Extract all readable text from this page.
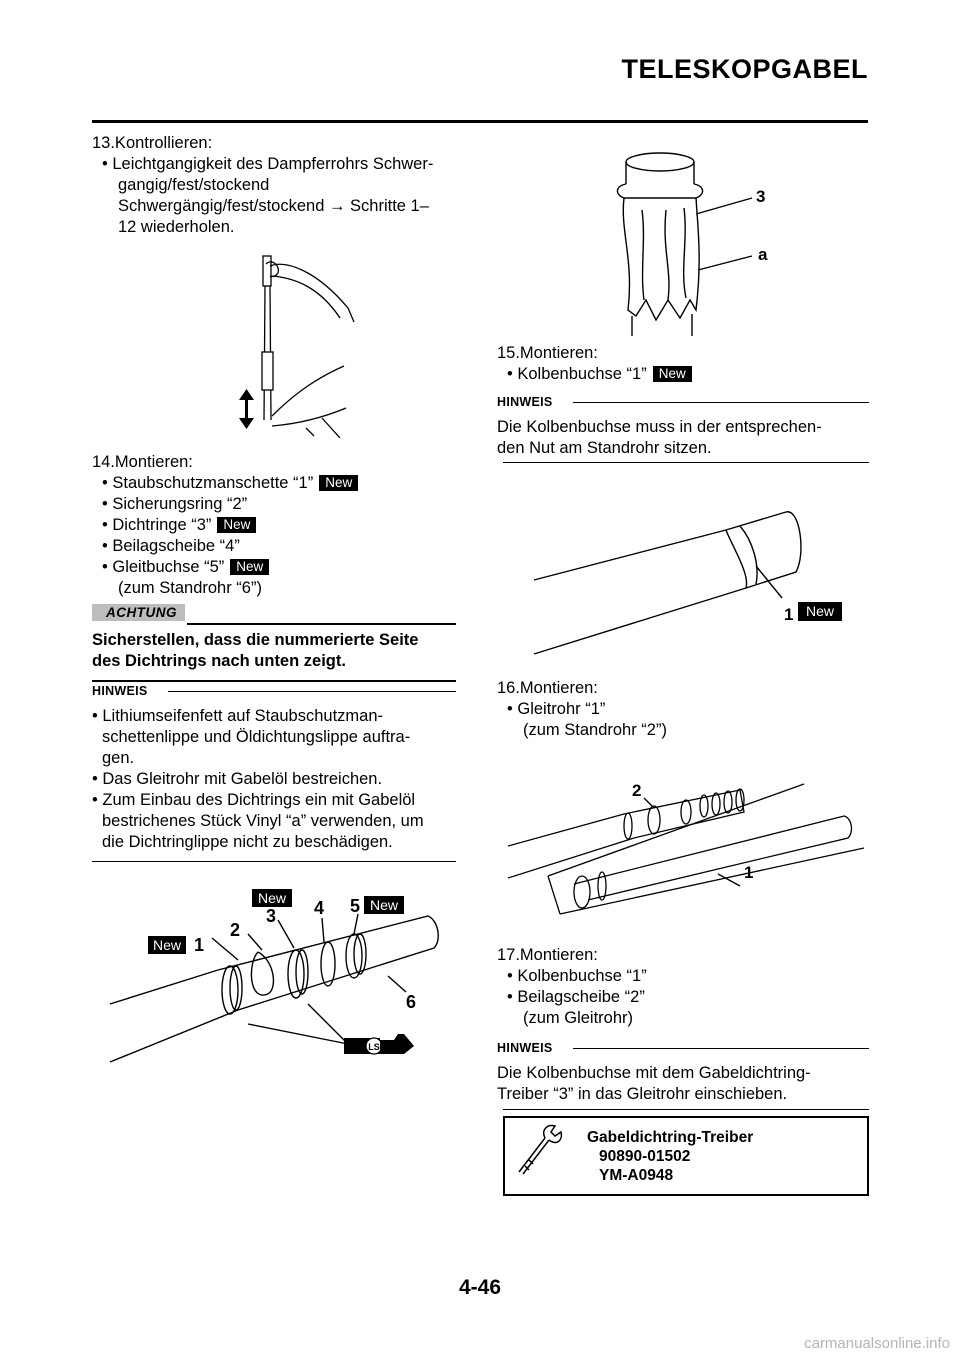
TELESKOPGABEL
13.Kontrollieren:
• Leichtgangigkeit des Dampferrohrs Schwer-
gangig/fest/stockend
Schwergängig/fest/stockend → Schritte 1–
12 wiederholen.
14.Montieren:
• Staubschutzmanschette “1” New
• Sicherungsring “2”
• Dichtringe “3” New
• Beilagscheibe “4”
• Gleitbuchse “5” New
(zum Standrohr “6”)
ACHTUNG
Sicherstellen, dass die nummerierte Seite
des Dichtrings nach unten zeigt.
HINWEIS
• Lithiumseifenfett auf Staubschutzman-
schettenlippe und Öldichtungslippe auftra-
gen.
• Das Gleitrohr mit Gabelöl bestreichen.
• Zum Einbau des Dichtrings ein mit Gabelöl
bestrichenes Stück Vinyl “a” verwenden, um
die Dichtringlippe nicht zu beschädigen.
LS
New 1
2
New
3 4 5 New
6
3
a
15.Montieren:
• Kolbenbuchse “1” New
HINWEIS
Die Kolbenbuchse muss in der entsprechen-
den Nut am Standrohr sitzen.
1 New
16.Montieren:
• Gleitrohr “1”
(zum Standrohr “2”)
2
1
17.Montieren:
• Kolbenbuchse “1”
• Beilagscheibe “2”
(zum Gleitrohr)
HINWEIS
Die Kolbenbuchse mit dem Gabeldichtring-
Treiber “3” in das Gleitrohr einschieben.
Gabeldichtring-Treiber
90890-01502
YM-A0948
4-46
carmanualsonline.info
